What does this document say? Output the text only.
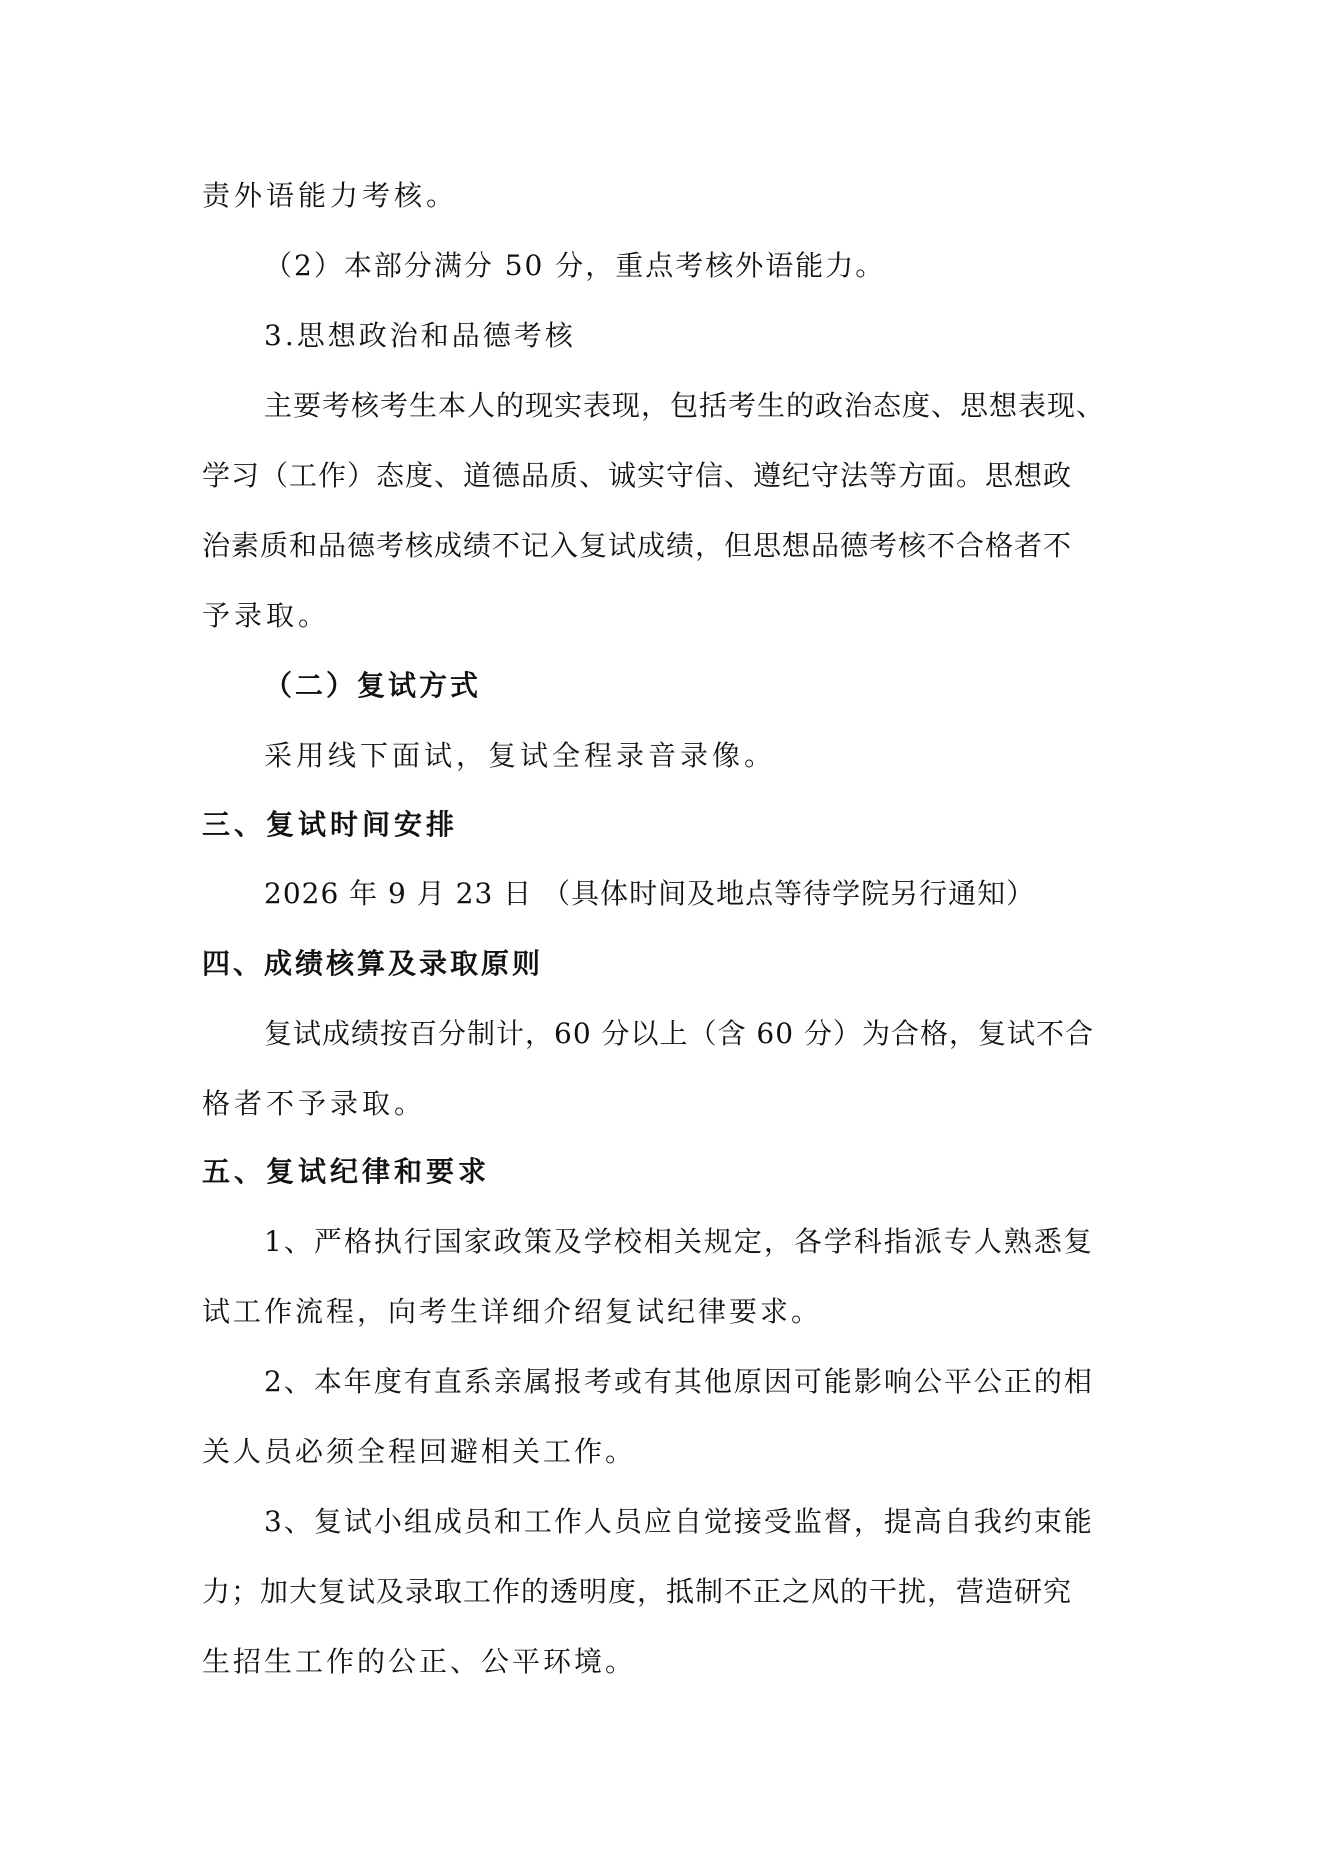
责外语能力考核。

（2）本部分满分 50 分，重点考核外语能力。

3.思想政治和品德考核

主要考核考生本人的现实表现，包括考生的政治态度、思想表现、

学习（工作）态度、道德品质、诚实守信、遵纪守法等方面。思想政

治素质和品德考核成绩不记入复试成绩，但思想品德考核不合格者不

予录取。

（二）复试方式

采用线下面试，复试全程录音录像。

三、复试时间安排

2026 年 9 月 23 日 （具体时间及地点等待学院另行通知）

四、成绩核算及录取原则

复试成绩按百分制计，60 分以上（含 60 分）为合格，复试不合

格者不予录取。

五、复试纪律和要求

1、严格执行国家政策及学校相关规定，各学科指派专人熟悉复

试工作流程，向考生详细介绍复试纪律要求。

2、本年度有直系亲属报考或有其他原因可能影响公平公正的相

关人员必须全程回避相关工作。

3、复试小组成员和工作人员应自觉接受监督，提高自我约束能

力；加大复试及录取工作的透明度，抵制不正之风的干扰，营造研究

生招生工作的公正、公平环境。
